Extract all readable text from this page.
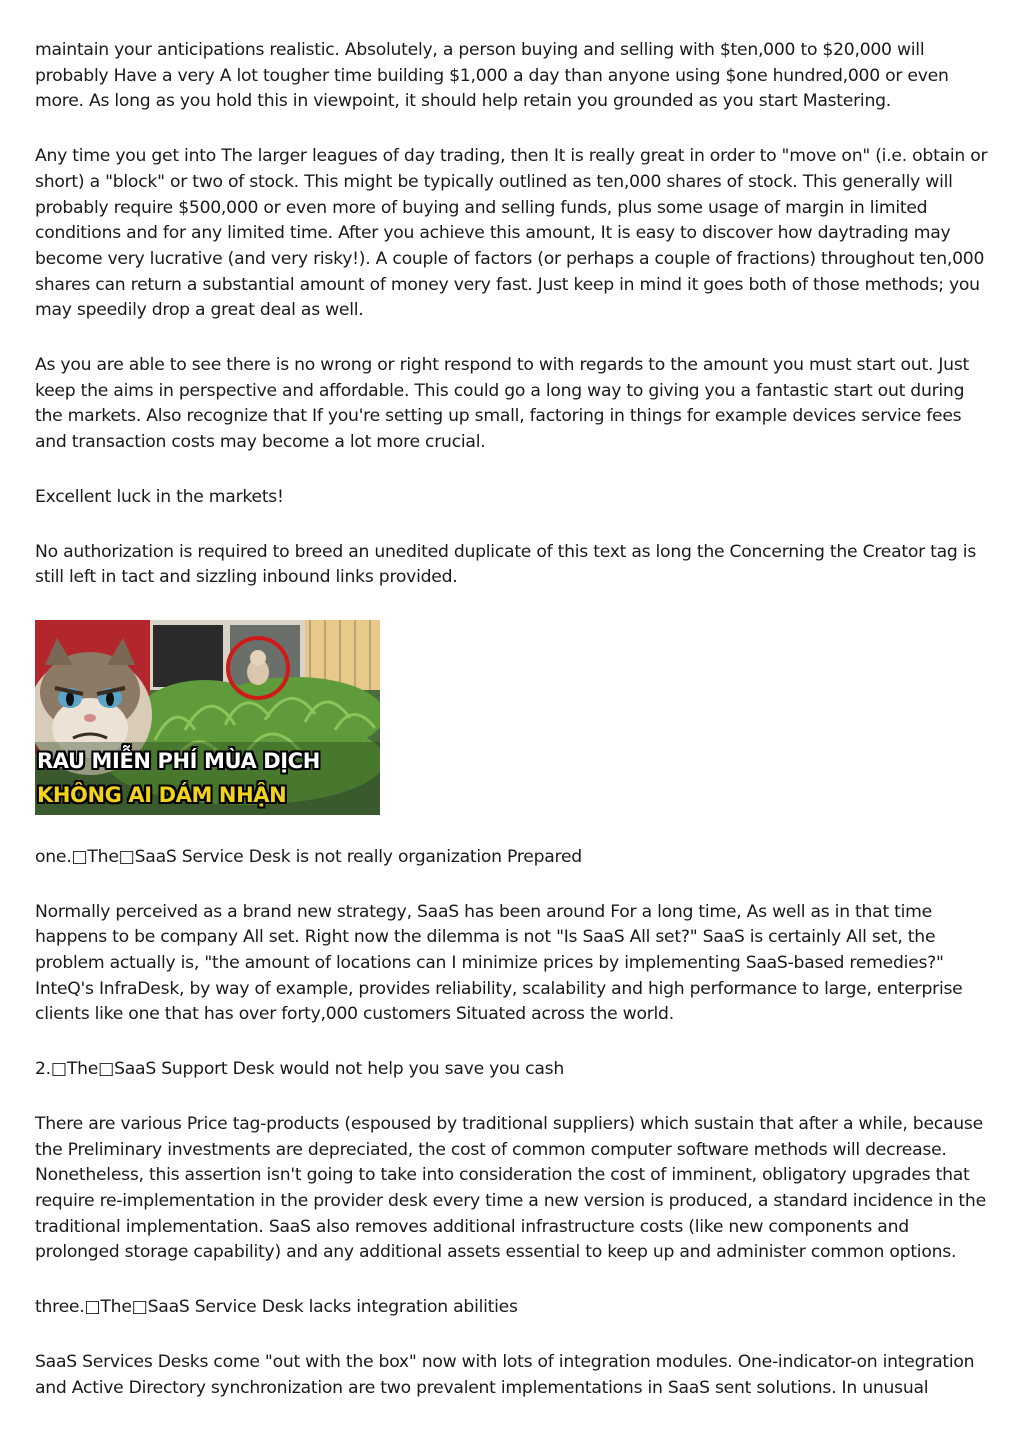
maintain your anticipations realistic. Absolutely, a person buying and selling with $ten,000 to $20,000 will probably Have a very A lot tougher time building $1,000 a day than anyone using $one hundred,000 or even more. As long as you hold this in viewpoint, it should help retain you grounded as you start Mastering.

Any time you get into The larger leagues of day trading, then It is really great in order to "move on" (i.e. obtain or short) a "block" or two of stock. This might be typically outlined as ten,000 shares of stock. This generally will probably require $500,000 or even more of buying and selling funds, plus some usage of margin in limited conditions and for any limited time. After you achieve this amount, It is easy to discover how daytrading may become very lucrative (and very risky!). A couple of factors (or perhaps a couple of fractions) throughout ten,000 shares can return a substantial amount of money very fast. Just keep in mind it goes both of those methods; you may speedily drop a great deal as well.

As you are able to see there is no wrong or right respond to with regards to the amount you must start out. Just keep the aims in perspective and affordable. This could go a long way to giving you a fantastic start out during the markets. Also recognize that If you're setting up small, factoring in things for example devices service fees and transaction costs may become a lot more crucial.

Excellent luck in the markets!

No authorization is required to breed an unedited duplicate of this text as long the Concerning the Creator tag is still left in tact and sizzling inbound links provided.

RAU MIỄN PHÍ MÙA DỊCH
KHÔNG AI DÁM NHẬN

one.□The□SaaS Service Desk is not really organization Prepared

Normally perceived as a brand new strategy, SaaS has been around For a long time, As well as in that time happens to be company All set. Right now the dilemma is not "Is SaaS All set?" SaaS is certainly All set, the problem actually is, "the amount of locations can I minimize prices by implementing SaaS-based remedies?" InteQ's InfraDesk, by way of example, provides reliability, scalability and high performance to large, enterprise clients like one that has over forty,000 customers Situated across the world.

2.□The□SaaS Support Desk would not help you save you cash

There are various Price tag-products (espoused by traditional suppliers) which sustain that after a while, because the Preliminary investments are depreciated, the cost of common computer software methods will decrease. Nonetheless, this assertion isn't going to take into consideration the cost of imminent, obligatory upgrades that require re-implementation in the provider desk every time a new version is produced, a standard incidence in the traditional implementation. SaaS also removes additional infrastructure costs (like new components and prolonged storage capability) and any additional assets essential to keep up and administer common options.

three.□The□SaaS Service Desk lacks integration abilities

SaaS Services Desks come "out with the box" now with lots of integration modules. One-indicator-on integration and Active Directory synchronization are two prevalent implementations in SaaS sent solutions. In unusual
